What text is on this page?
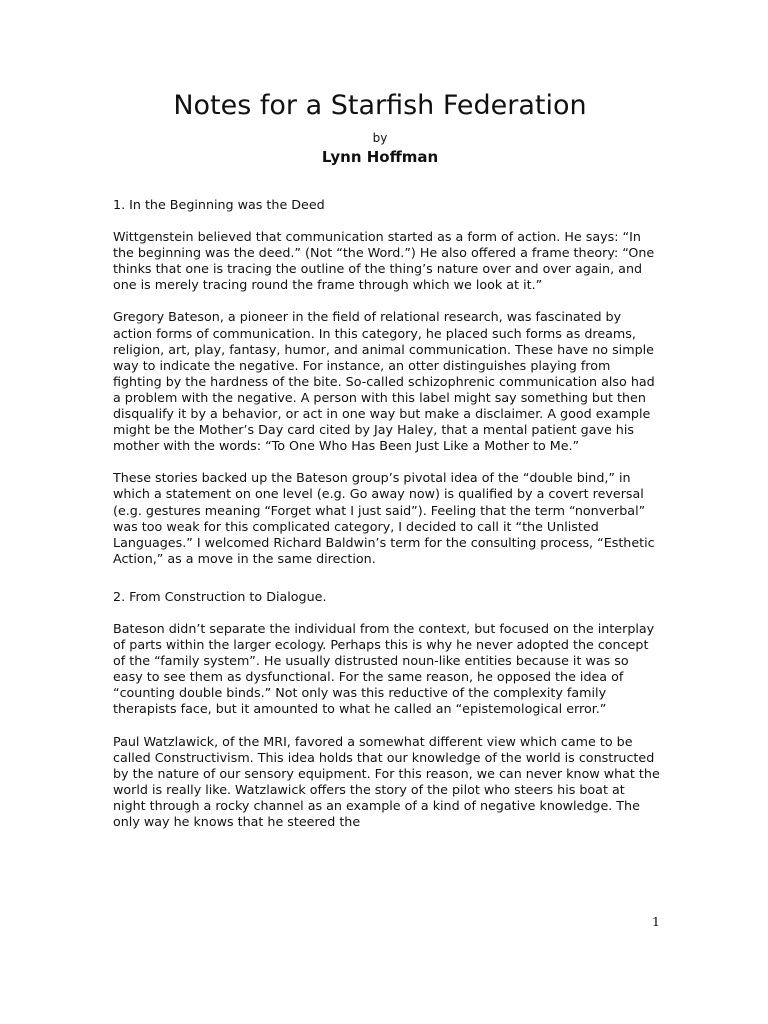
Notes for a Starfish Federation
by
Lynn Hoffman

1. In the Beginning was the Deed

Wittgenstein believed that communication started as a form of action. He says: “In the beginning was the deed.” (Not “the Word.”) He also offered a frame theory: “One thinks that one is tracing the outline of the thing’s nature over and over again, and one is merely tracing round the frame through which we look at it.”

Gregory Bateson, a pioneer in the field of relational research, was fascinated by action forms of communication. In this category, he placed such forms as dreams, religion, art, play, fantasy, humor, and animal communication. These have no simple way to indicate the negative. For instance, an otter distinguishes playing from fighting by the hardness of the bite. So-called schizophrenic communication also had a problem with the negative. A person with this label might say something but then disqualify it by a behavior, or act in one way but make a disclaimer. A good example might be the Mother’s Day card cited by Jay Haley, that a mental patient gave his mother with the words: “To One Who Has Been Just Like a Mother to Me.”

These stories backed up the Bateson group’s pivotal idea of the “double bind,” in which a statement on one level (e.g. Go away now) is qualified by a covert reversal (e.g. gestures meaning “Forget what I just said”). Feeling that the term “nonverbal” was too weak for this complicated category, I decided to call it “the Unlisted Languages.” I welcomed Richard Baldwin’s term for the consulting process, “Esthetic Action,” as a move in the same direction.

2. From Construction to Dialogue.

Bateson didn’t separate the individual from the context, but focused on the interplay of parts within the larger ecology. Perhaps this is why he never adopted the concept of the “family system”. He usually distrusted noun-like entities because it was so easy to see them as dysfunctional. For the same reason, he opposed the idea of “counting double binds.” Not only was this reductive of the complexity family therapists face, but it amounted to what he called an “epistemological error.”

Paul Watzlawick, of the MRI, favored a somewhat different view which came to be called Constructivism. This idea holds that our knowledge of the world is constructed by the nature of our sensory equipment. For this reason, we can never know what the world is really like. Watzlawick offers the story of the pilot who steers his boat at night through a rocky channel as an example of a kind of negative knowledge. The only way he knows that he steered the

1
